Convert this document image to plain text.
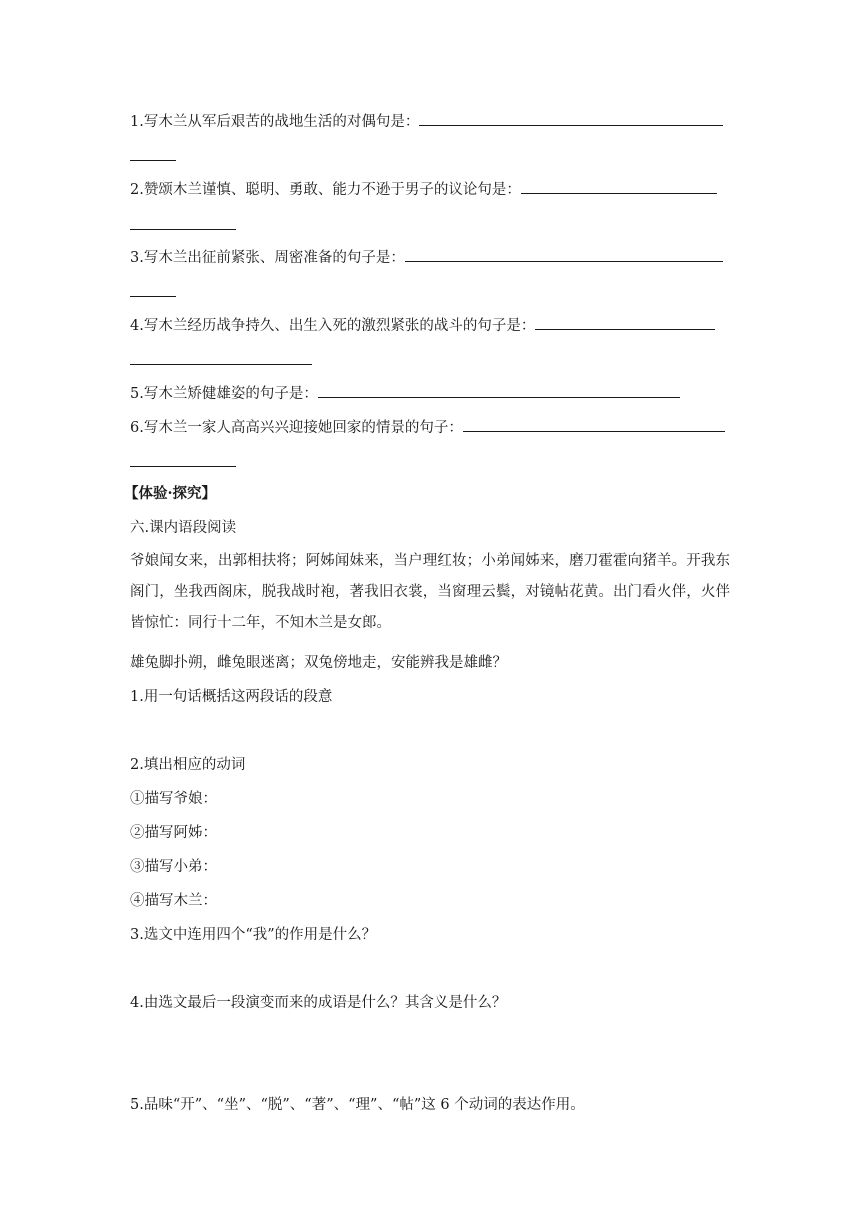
1.写木兰从军后艰苦的战地生活的对偶句是：
2.赞颂木兰谨慎、聪明、勇敢、能力不逊于男子的议论句是：
3.写木兰出征前紧张、周密准备的句子是：
4.写木兰经历战争持久、出生入死的激烈紧张的战斗的句子是：
5.写木兰矫健雄姿的句子是：
6.写木兰一家人高高兴兴迎接她回家的情景的句子：
【体验·探究】
六.课内语段阅读
爷娘闻女来，出郭相扶将；阿姊闻妹来，当户理红妆；小弟闻姊来，磨刀霍霍向猪羊。开我东阁门，坐我西阁床，脱我战时袍，著我旧衣裳，当窗理云鬓，对镜帖花黄。出门看火伴，火伴皆惊忙：同行十二年，不知木兰是女郎。
雄兔脚扑朔，雌兔眼迷离；双兔傍地走，安能辨我是雄雌？
1.用一句话概括这两段话的段意
2.填出相应的动词
①描写爷娘：
②描写阿姊：
③描写小弟：
④描写木兰：
3.选文中连用四个“我”的作用是什么？
4.由选文最后一段演变而来的成语是什么？其含义是什么？
5.品味“开”、“坐”、“脱”、“著”、“理”、“帖”这 6 个动词的表达作用。
